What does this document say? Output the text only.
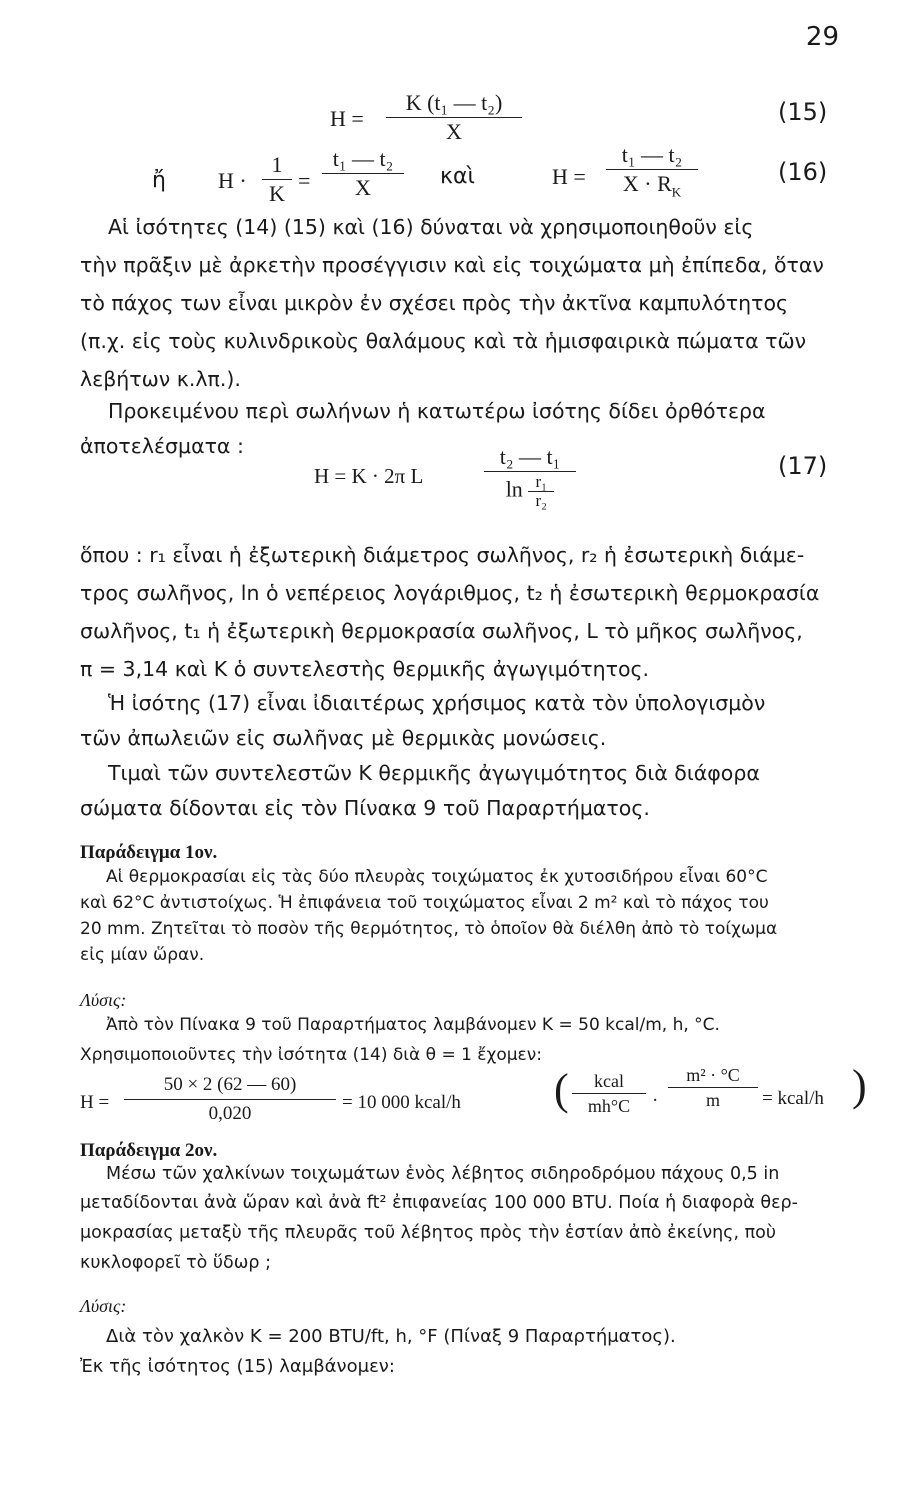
29
H =
K (t₁ — t₂)
X
(15)
ἤ H ·
1
K
=
t₁ — t₂
X	καὶ	H =
t₁ — t₂
$X \cdot R_K$
(16)
Αἱ ἰσότητες (14) (15) καὶ (16) δύναται νὰ χρησιμοποιηθοῦν εἰς
τὴν πρᾶξιν μὲ ἀρκετὴν προσέγγισιν καὶ εἰς τοιχώματα μὴ ἐπίπεδα, ὅταν
τὸ πάχος των εἶναι μικρὸν ἐν σχέσει πρὸς τὴν ἀκτῖνα καμπυλότητος
(π.χ. εἰς τοὺς κυλινδρικοὺς θαλάμους καὶ τὰ ἡμισφαιρικὰ πώματα τῶν
λεβήτων κ.λπ.).
Προκειμένου περὶ σωλήνων ἡ κατωτέρω ἰσότης δίδει ὀρθότερα
ἀποτελέσματα :
H = K · 2π L
t₂ — t₁
$\ln \frac{\text{r₁}}{\text{r₂}}$
(17)
ὅπου : r₁ εἶναι ἡ ἐξωτερικὴ διάμετρος σωλῆνος, r₂ ἡ ἐσωτερικὴ διάμε-
τρος σωλῆνος, ln ὁ νεπέρειος λογάριθμος, t₂ ἡ ἐσωτερικὴ θερμοκρασία
σωλῆνος, t₁ ἡ ἐξωτερικὴ θερμοκρασία σωλῆνος, L τὸ μῆκος σωλῆνος,
π = 3,14 καὶ Κ ὁ συντελεστὴς θερμικῆς ἀγωγιμότητος.
Ἡ ἰσότης (17) εἶναι ἰδιαιτέρως χρήσιμος κατὰ τὸν ὑπολογισμὸν
τῶν ἀπωλειῶν εἰς σωλῆνας μὲ θερμικὰς μονώσεις.
Τιμαὶ τῶν συντελεστῶν Κ θερμικῆς ἀγωγιμότητος διὰ διάφορα
σώματα δίδονται εἰς τὸν Πίνακα 9 τοῦ Παραρτήματος.
Παράδειγμα 1ον.
Αἱ θερμοκρασίαι εἰς τὰς δύο πλευρὰς τοιχώματος ἐκ χυτοσιδήρου εἶναι 60°C
καὶ 62°C ἀντιστοίχως. Ἡ ἐπιφάνεια τοῦ τοιχώματος εἶναι 2 m² καὶ τὸ πάχος του
20 mm. Ζητεῖται τὸ ποσὸν τῆς θερμότητος, τὸ ὁποῖον θὰ διέλθη ἀπὸ τὸ τοίχωμα
εἰς μίαν ὥραν.
Λύσις:
Ἀπὸ τὸν Πίνακα 9 τοῦ Παραρτήματος λαμβάνομεν K = 50 kcal/m, h, °C.
Χρησιμοποιοῦντες τὴν ἰσότητα (14) διὰ θ = 1 ἔχομεν:
H =
50 × 2 (62 — 60)
0,020
= 10 000 kcal/h (	kcal
mh°C	·
m² · °C
m	= kcal/h )
Παράδειγμα 2ον.
Μέσω τῶν χαλκίνων τοιχωμάτων ἑνὸς λέβητος σιδηροδρόμου πάχους 0,5 in
μεταδίδονται ἀνὰ ὥραν καὶ ἀνὰ ft² ἐπιφανείας 100 000 BTU. Ποία ἡ διαφορὰ θερ-
μοκρασίας μεταξὺ τῆς πλευρᾶς τοῦ λέβητος πρὸς τὴν ἑστίαν ἀπὸ ἐκείνης, ποὺ
κυκλοφορεῖ τὸ ὕδωρ ;
Λύσις:
Διὰ τὸν χαλκὸν K = 200 BTU/ft, h, °F (Πίναξ 9 Παραρτήματος).
Ἐκ τῆς ἰσότητος (15) λαμβάνομεν:
